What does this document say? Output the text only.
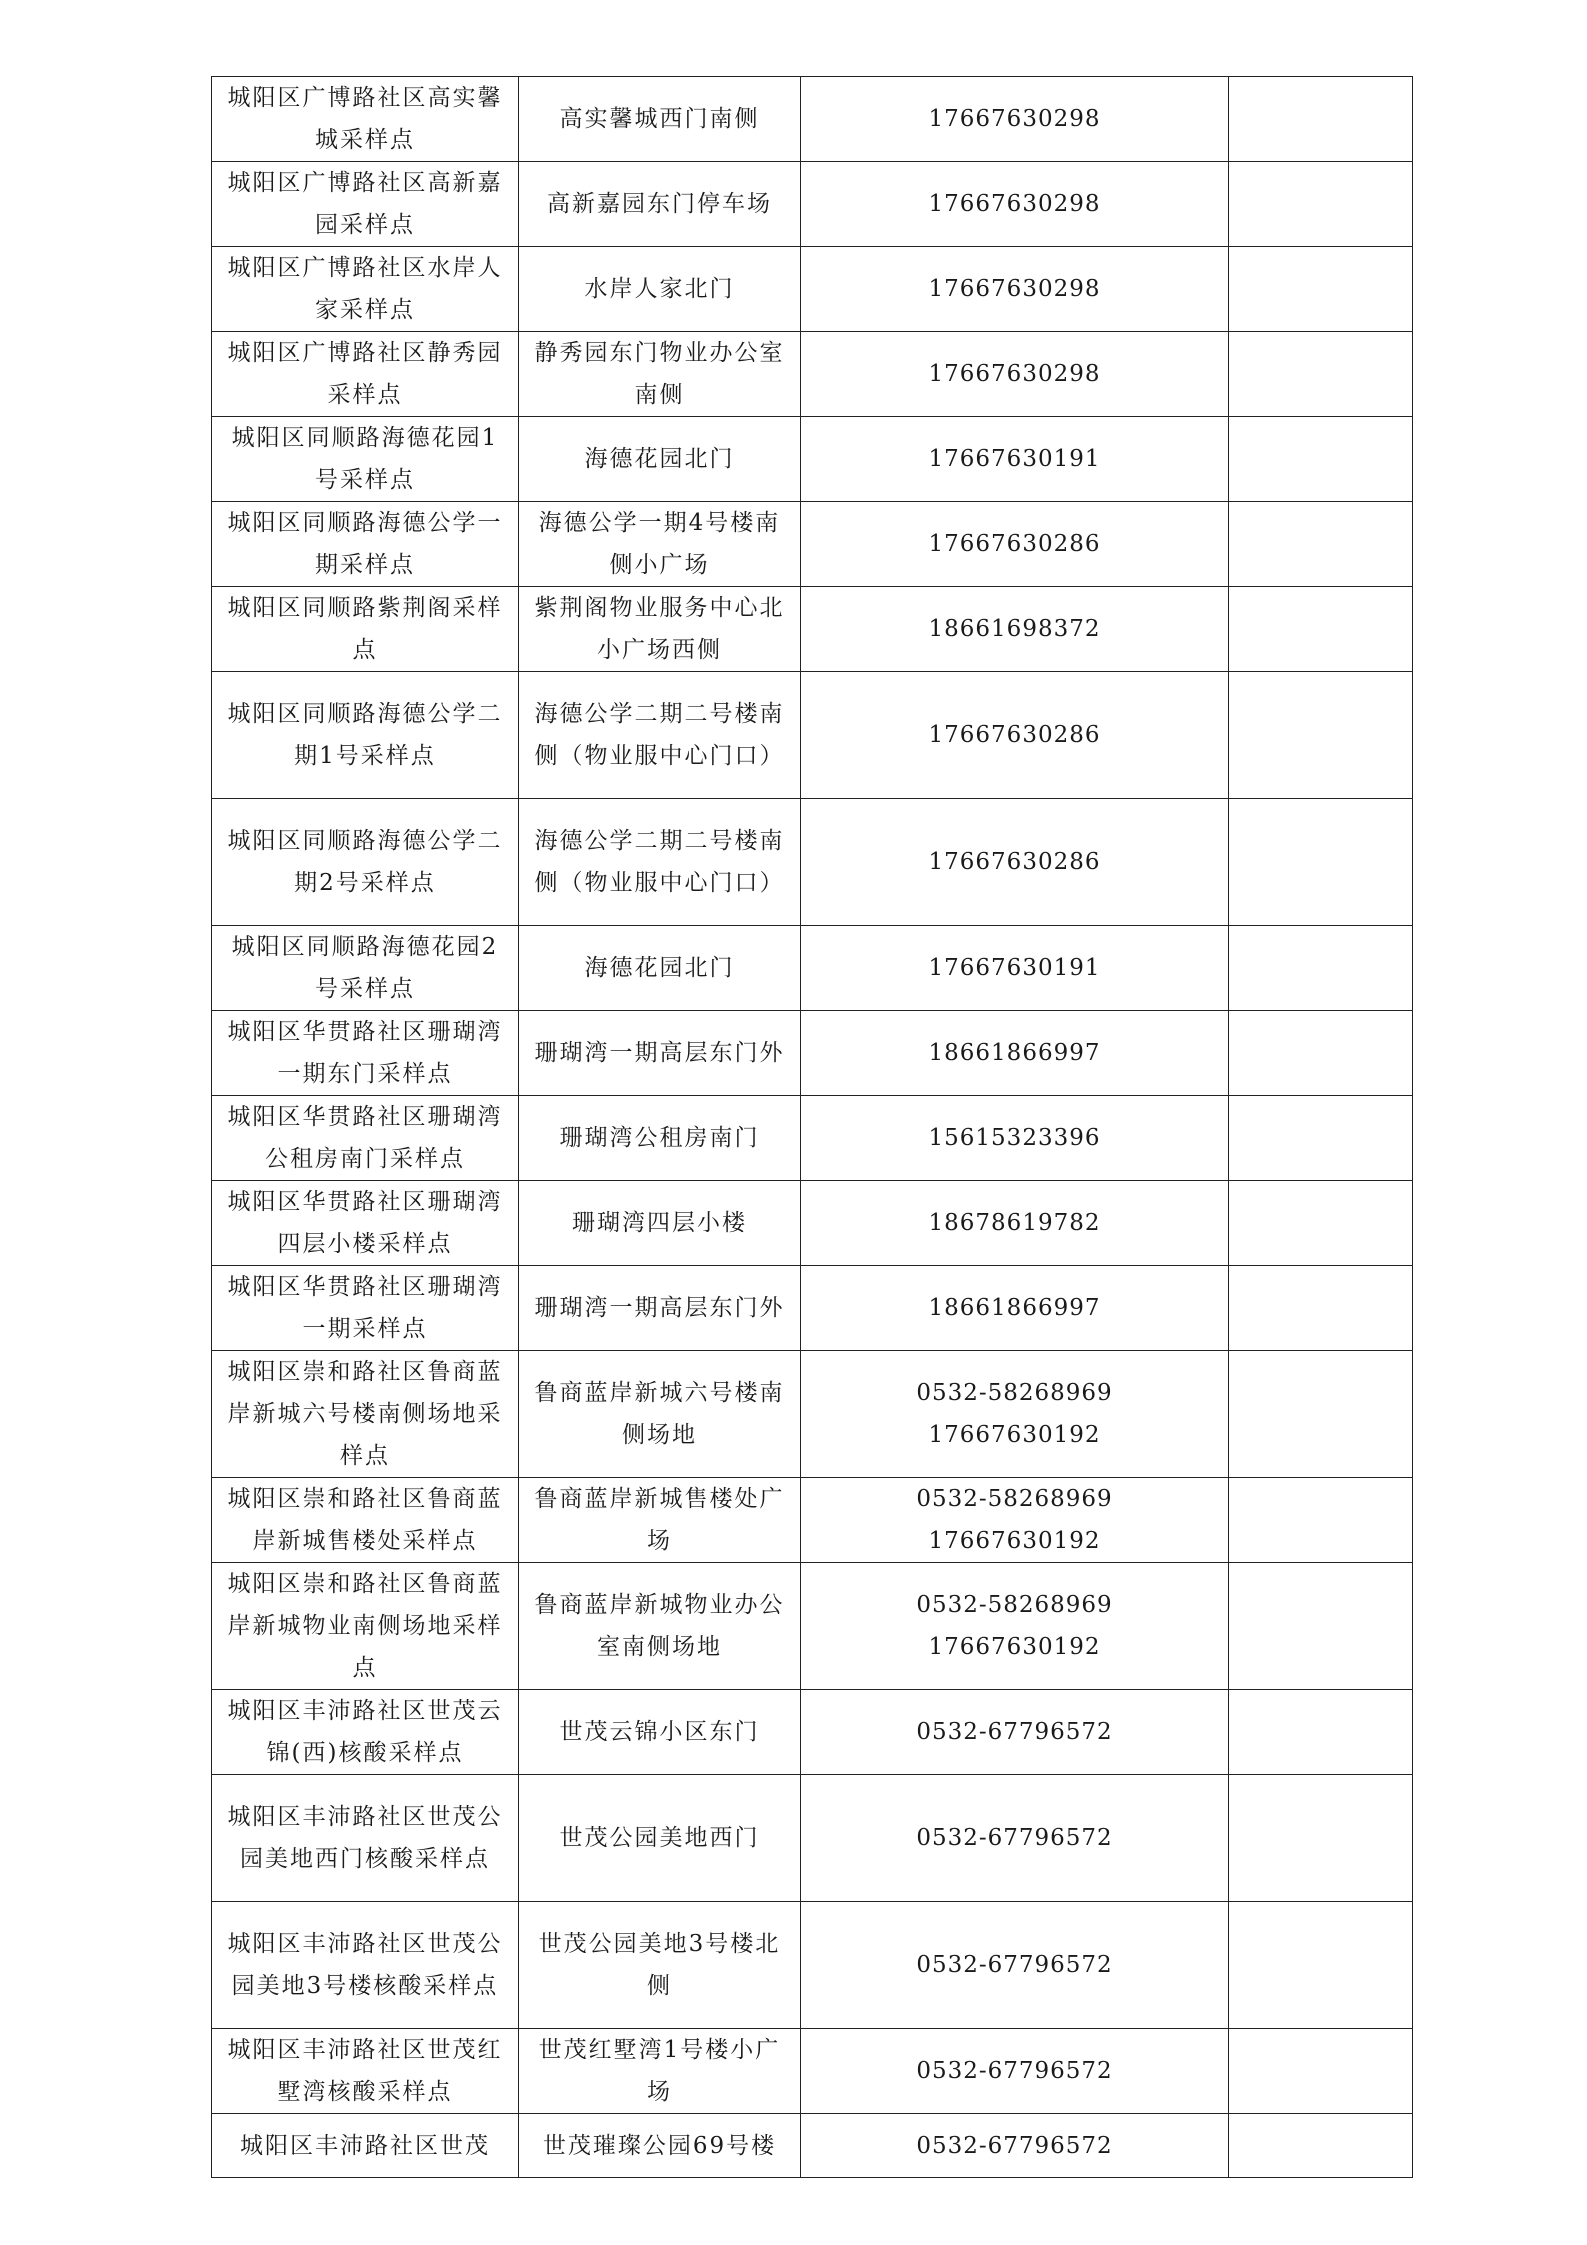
城阳区广博路社区高实馨城采样点	高实馨城西门南侧	17667630298	
城阳区广博路社区高新嘉园采样点	高新嘉园东门停车场	17667630298	
城阳区广博路社区水岸人家采样点	水岸人家北门	17667630298	
城阳区广博路社区静秀园采样点	静秀园东门物业办公室南侧	17667630298	
城阳区同顺路海德花园1号采样点	海德花园北门	17667630191	
城阳区同顺路海德公学一期采样点	海德公学一期4号楼南侧小广场	17667630286	
城阳区同顺路紫荆阁采样点	紫荆阁物业服务中心北小广场西侧	18661698372	
城阳区同顺路海德公学二期1号采样点	海德公学二期二号楼南侧（物业服中心门口）	17667630286	
城阳区同顺路海德公学二期2号采样点	海德公学二期二号楼南侧（物业服中心门口）	17667630286	
城阳区同顺路海德花园2号采样点	海德花园北门	17667630191	
城阳区华贯路社区珊瑚湾一期东门采样点	珊瑚湾一期高层东门外	18661866997	
城阳区华贯路社区珊瑚湾公租房南门采样点	珊瑚湾公租房南门	15615323396	
城阳区华贯路社区珊瑚湾四层小楼采样点	珊瑚湾四层小楼	18678619782	
城阳区华贯路社区珊瑚湾一期采样点	珊瑚湾一期高层东门外	18661866997	
城阳区崇和路社区鲁商蓝岸新城六号楼南侧场地采样点	鲁商蓝岸新城六号楼南侧场地	0532-58268969
17667630192	
城阳区崇和路社区鲁商蓝岸新城售楼处采样点	鲁商蓝岸新城售楼处广场	0532-58268969
17667630192	
城阳区崇和路社区鲁商蓝岸新城物业南侧场地采样点	鲁商蓝岸新城物业办公室南侧场地	0532-58268969
17667630192	
城阳区丰沛路社区世茂云锦(西)核酸采样点	世茂云锦小区东门	0532-67796572	
城阳区丰沛路社区世茂公园美地西门核酸采样点	世茂公园美地西门	0532-67796572	
城阳区丰沛路社区世茂公园美地3号楼核酸采样点	世茂公园美地3号楼北侧	0532-67796572	
城阳区丰沛路社区世茂红墅湾核酸采样点	世茂红墅湾1号楼小广场	0532-67796572	
城阳区丰沛路社区世茂	世茂璀璨公园69号楼	0532-67796572	
